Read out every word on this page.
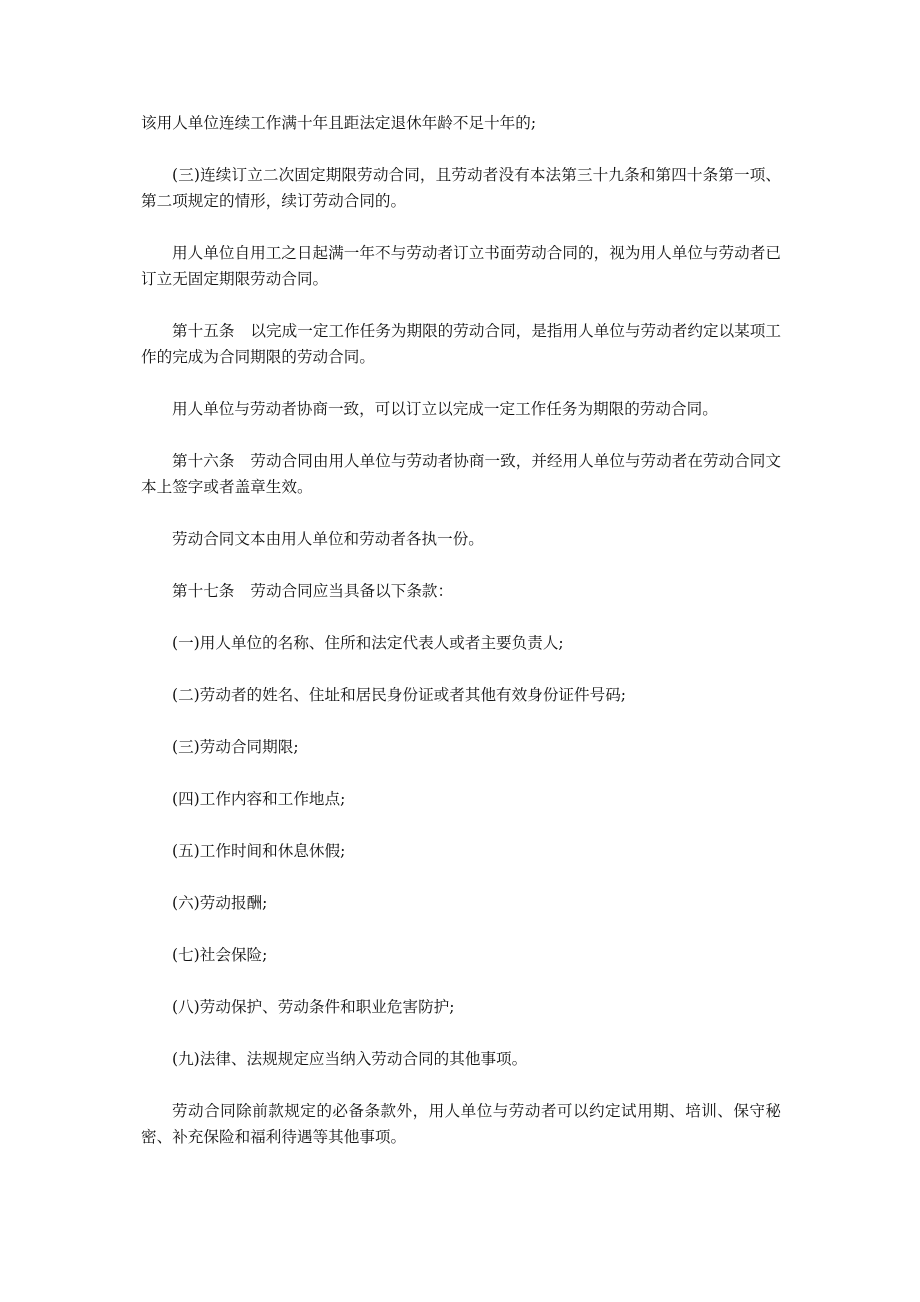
该用人单位连续工作满十年且距法定退休年龄不足十年的;

(三)连续订立二次固定期限劳动合同，且劳动者没有本法第三十九条和第四十条第一项、第二项规定的情形，续订劳动合同的。

用人单位自用工之日起满一年不与劳动者订立书面劳动合同的，视为用人单位与劳动者已订立无固定期限劳动合同。

第十五条 以完成一定工作任务为期限的劳动合同，是指用人单位与劳动者约定以某项工作的完成为合同期限的劳动合同。

用人单位与劳动者协商一致，可以订立以完成一定工作任务为期限的劳动合同。

第十六条 劳动合同由用人单位与劳动者协商一致，并经用人单位与劳动者在劳动合同文本上签字或者盖章生效。

劳动合同文本由用人单位和劳动者各执一份。

第十七条 劳动合同应当具备以下条款：

(一)用人单位的名称、住所和法定代表人或者主要负责人;

(二)劳动者的姓名、住址和居民身份证或者其他有效身份证件号码;

(三)劳动合同期限;

(四)工作内容和工作地点;

(五)工作时间和休息休假;

(六)劳动报酬;

(七)社会保险;

(八)劳动保护、劳动条件和职业危害防护;

(九)法律、法规规定应当纳入劳动合同的其他事项。

劳动合同除前款规定的必备条款外，用人单位与劳动者可以约定试用期、培训、保守秘密、补充保险和福利待遇等其他事项。
